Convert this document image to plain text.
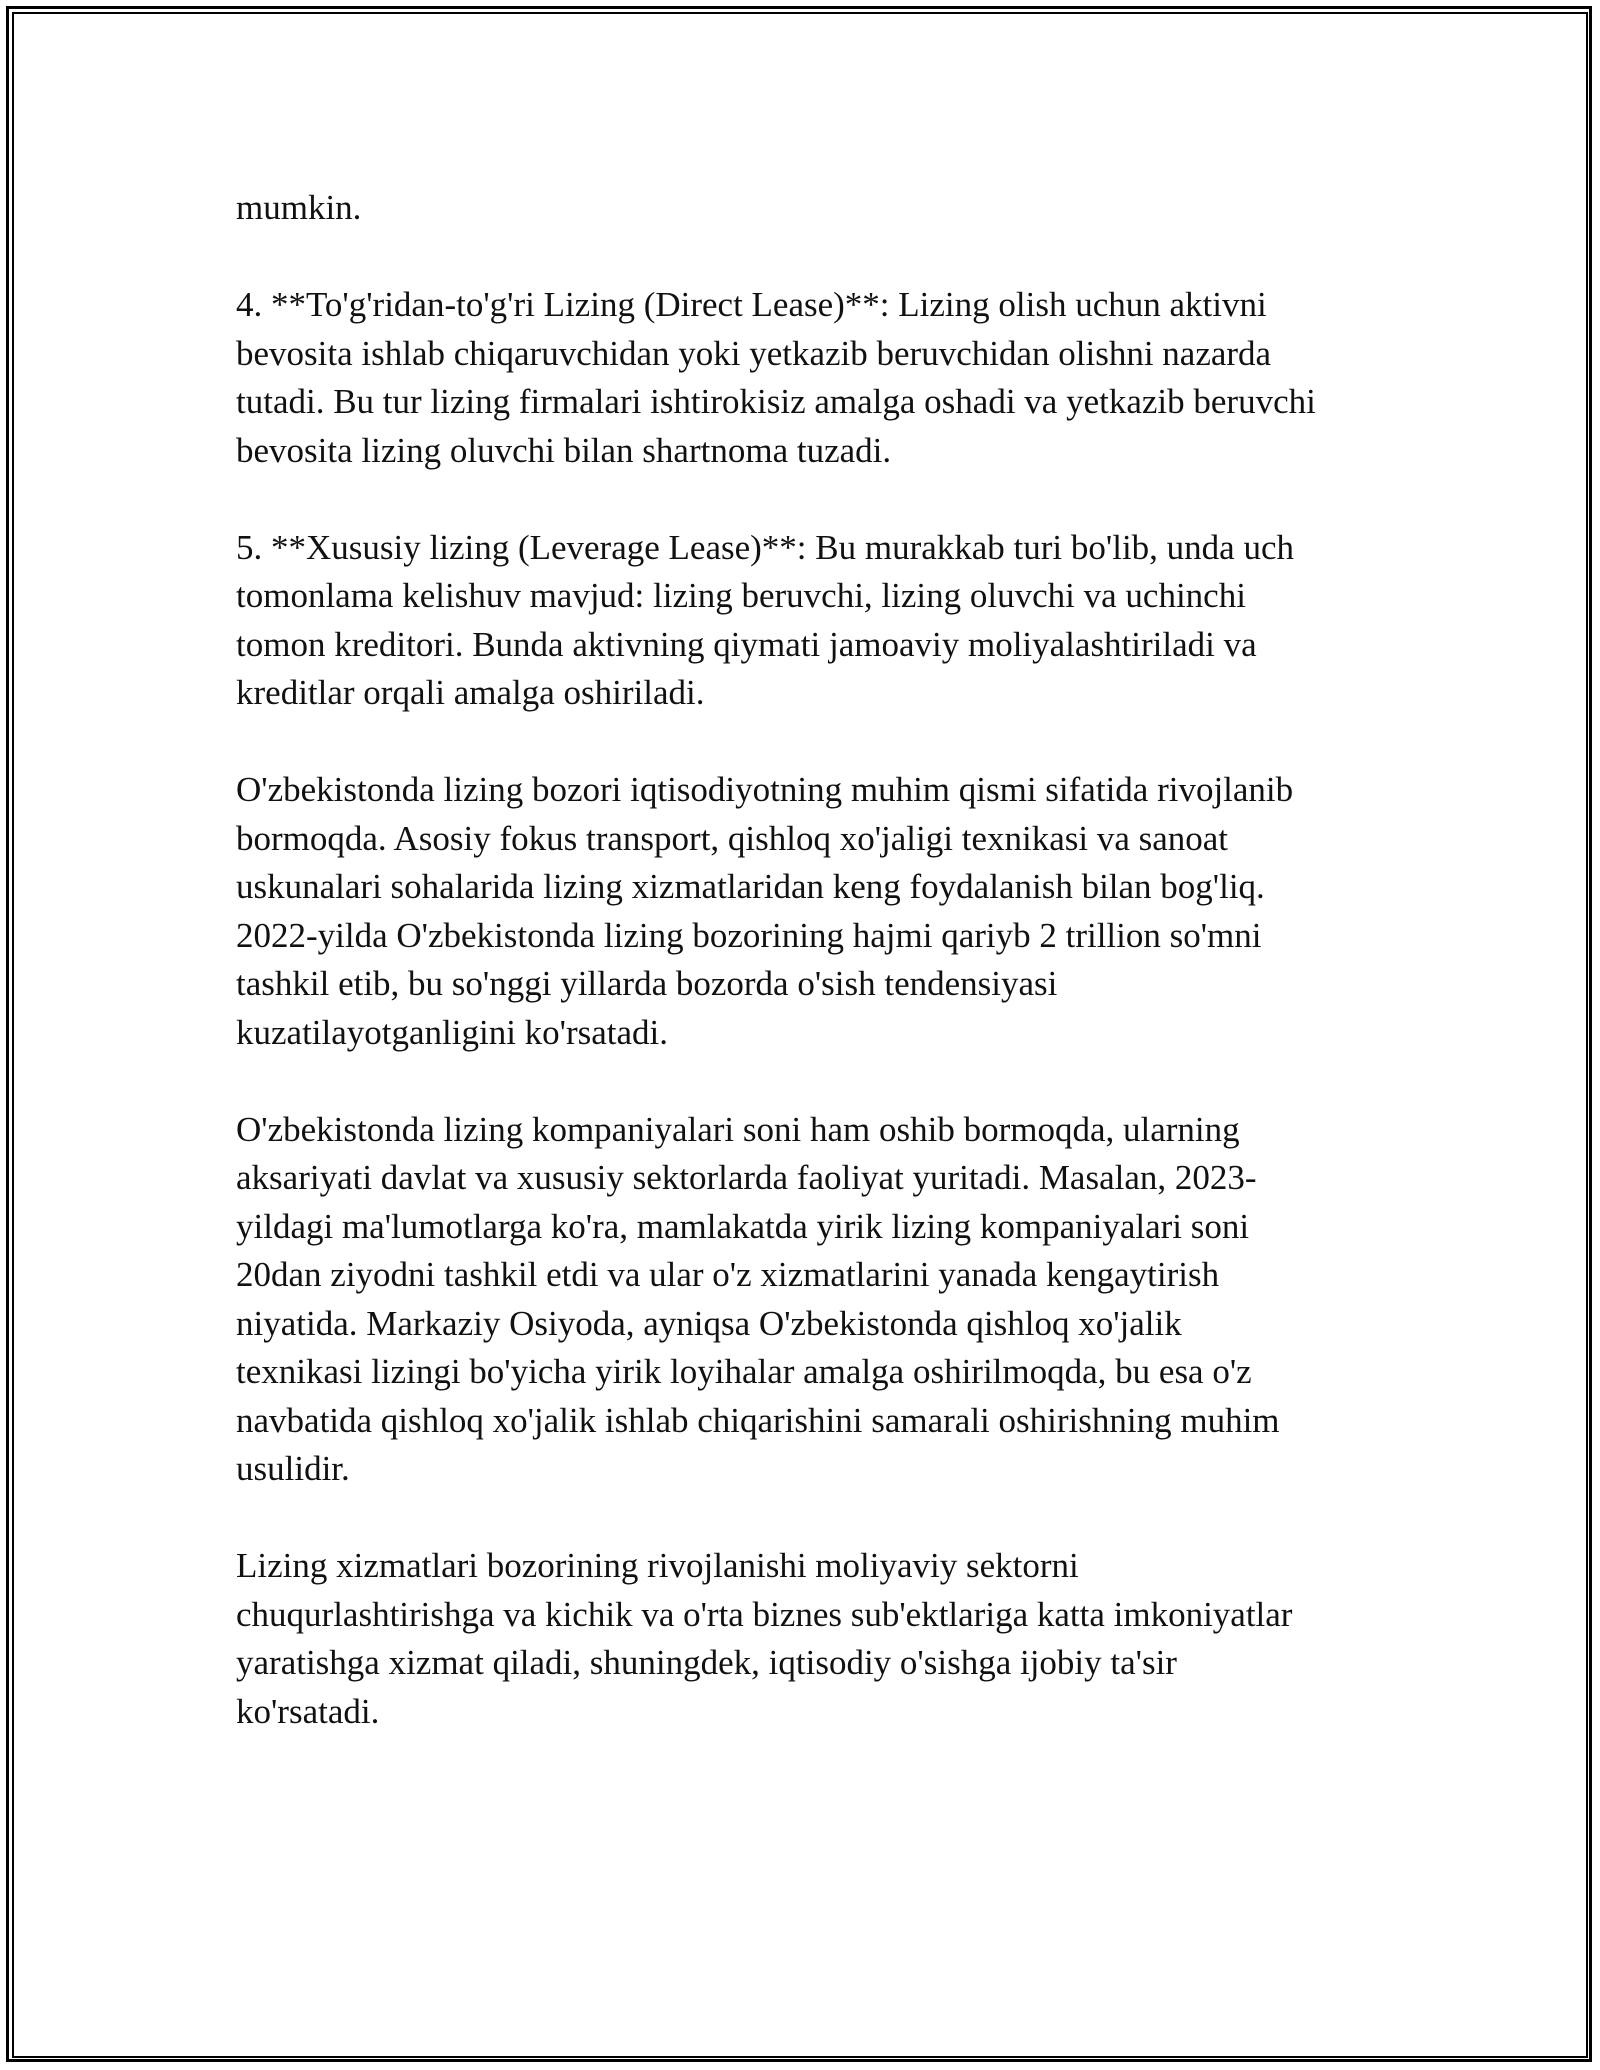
mumkin.

4. **To'g'ridan-to'g'ri Lizing (Direct Lease)**: Lizing olish uchun aktivni
bevosita ishlab chiqaruvchidan yoki yetkazib beruvchidan olishni nazarda
tutadi. Bu tur lizing firmalari ishtirokisiz amalga oshadi va yetkazib beruvchi
bevosita lizing oluvchi bilan shartnoma tuzadi.

5. **Xususiy lizing (Leverage Lease)**: Bu murakkab turi bo'lib, unda uch
tomonlama kelishuv mavjud: lizing beruvchi, lizing oluvchi va uchinchi
tomon kreditori. Bunda aktivning qiymati jamoaviy moliyalashtiriladi va
kreditlar orqali amalga oshiriladi.

O'zbekistonda lizing bozori iqtisodiyotning muhim qismi sifatida rivojlanib
bormoqda. Asosiy fokus transport, qishloq xo'jaligi texnikasi va sanoat
uskunalari sohalarida lizing xizmatlaridan keng foydalanish bilan bog'liq.
2022-yilda O'zbekistonda lizing bozorining hajmi qariyb 2 trillion so'mni
tashkil etib, bu so'nggi yillarda bozorda o'sish tendensiyasi
kuzatilayotganligini ko'rsatadi.

O'zbekistonda lizing kompaniyalari soni ham oshib bormoqda, ularning
aksariyati davlat va xususiy sektorlarda faoliyat yuritadi. Masalan, 2023-
yildagi ma'lumotlarga ko'ra, mamlakatda yirik lizing kompaniyalari soni
20dan ziyodni tashkil etdi va ular o'z xizmatlarini yanada kengaytirish
niyatida. Markaziy Osiyoda, ayniqsa O'zbekistonda qishloq xo'jalik
texnikasi lizingi bo'yicha yirik loyihalar amalga oshirilmoqda, bu esa o'z
navbatida qishloq xo'jalik ishlab chiqarishini samarali oshirishning muhim
usulidir.

Lizing xizmatlari bozorining rivojlanishi moliyaviy sektorni
chuqurlashtirishga va kichik va o'rta biznes sub'ektlariga katta imkoniyatlar
yaratishga xizmat qiladi, shuningdek, iqtisodiy o'sishga ijobiy ta'sir
ko'rsatadi.
